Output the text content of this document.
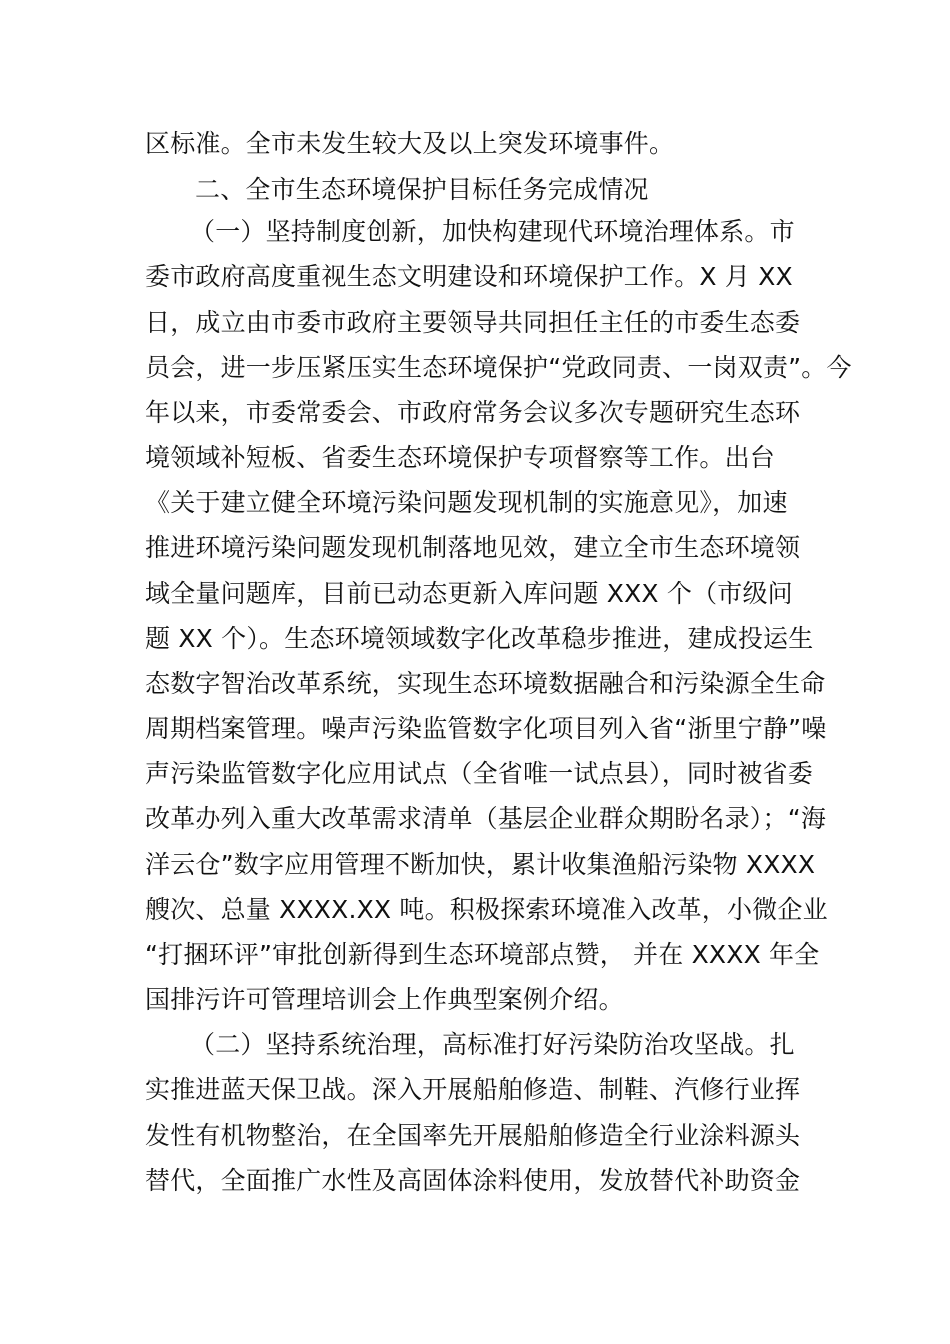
区标准。全市未发生较大及以上突发环境事件。
二、全市生态环境保护目标任务完成情况
（一）坚持制度创新，加快构建现代环境治理体系。市
委市政府高度重视生态文明建设和环境保护工作。X 月 XX
日，成立由市委市政府主要领导共同担任主任的市委生态委
员会，进一步压紧压实生态环境保护“党政同责、一岗双责”。今
年以来，市委常委会、市政府常务会议多次专题研究生态环
境领域补短板、省委生态环境保护专项督察等工作。出台
《关于建立健全环境污染问题发现机制的实施意见》，加速
推进环境污染问题发现机制落地见效，建立全市生态环境领
域全量问题库，目前已动态更新入库问题 XXX 个（市级问
题 XX 个）。生态环境领域数字化改革稳步推进，建成投运生
态数字智治改革系统，实现生态环境数据融合和污染源全生命
周期档案管理。噪声污染监管数字化项目列入省“浙里宁静”噪
声污染监管数字化应用试点（全省唯一试点县），同时被省委
改革办列入重大改革需求清单（基层企业群众期盼名录）；“海
洋云仓”数字应用管理不断加快，累计收集渔船污染物 XXXX
艘次、总量 XXXX.XX 吨。积极探索环境准入改革，小微企业
“打捆环评”审批创新得到生态环境部点赞， 并在 XXXX 年全
国排污许可管理培训会上作典型案例介绍。
（二）坚持系统治理，高标准打好污染防治攻坚战。扎
实推进蓝天保卫战。深入开展船舶修造、制鞋、汽修行业挥
发性有机物整治，在全国率先开展船舶修造全行业涂料源头
替代，全面推广水性及高固体涂料使用，发放替代补助资金
